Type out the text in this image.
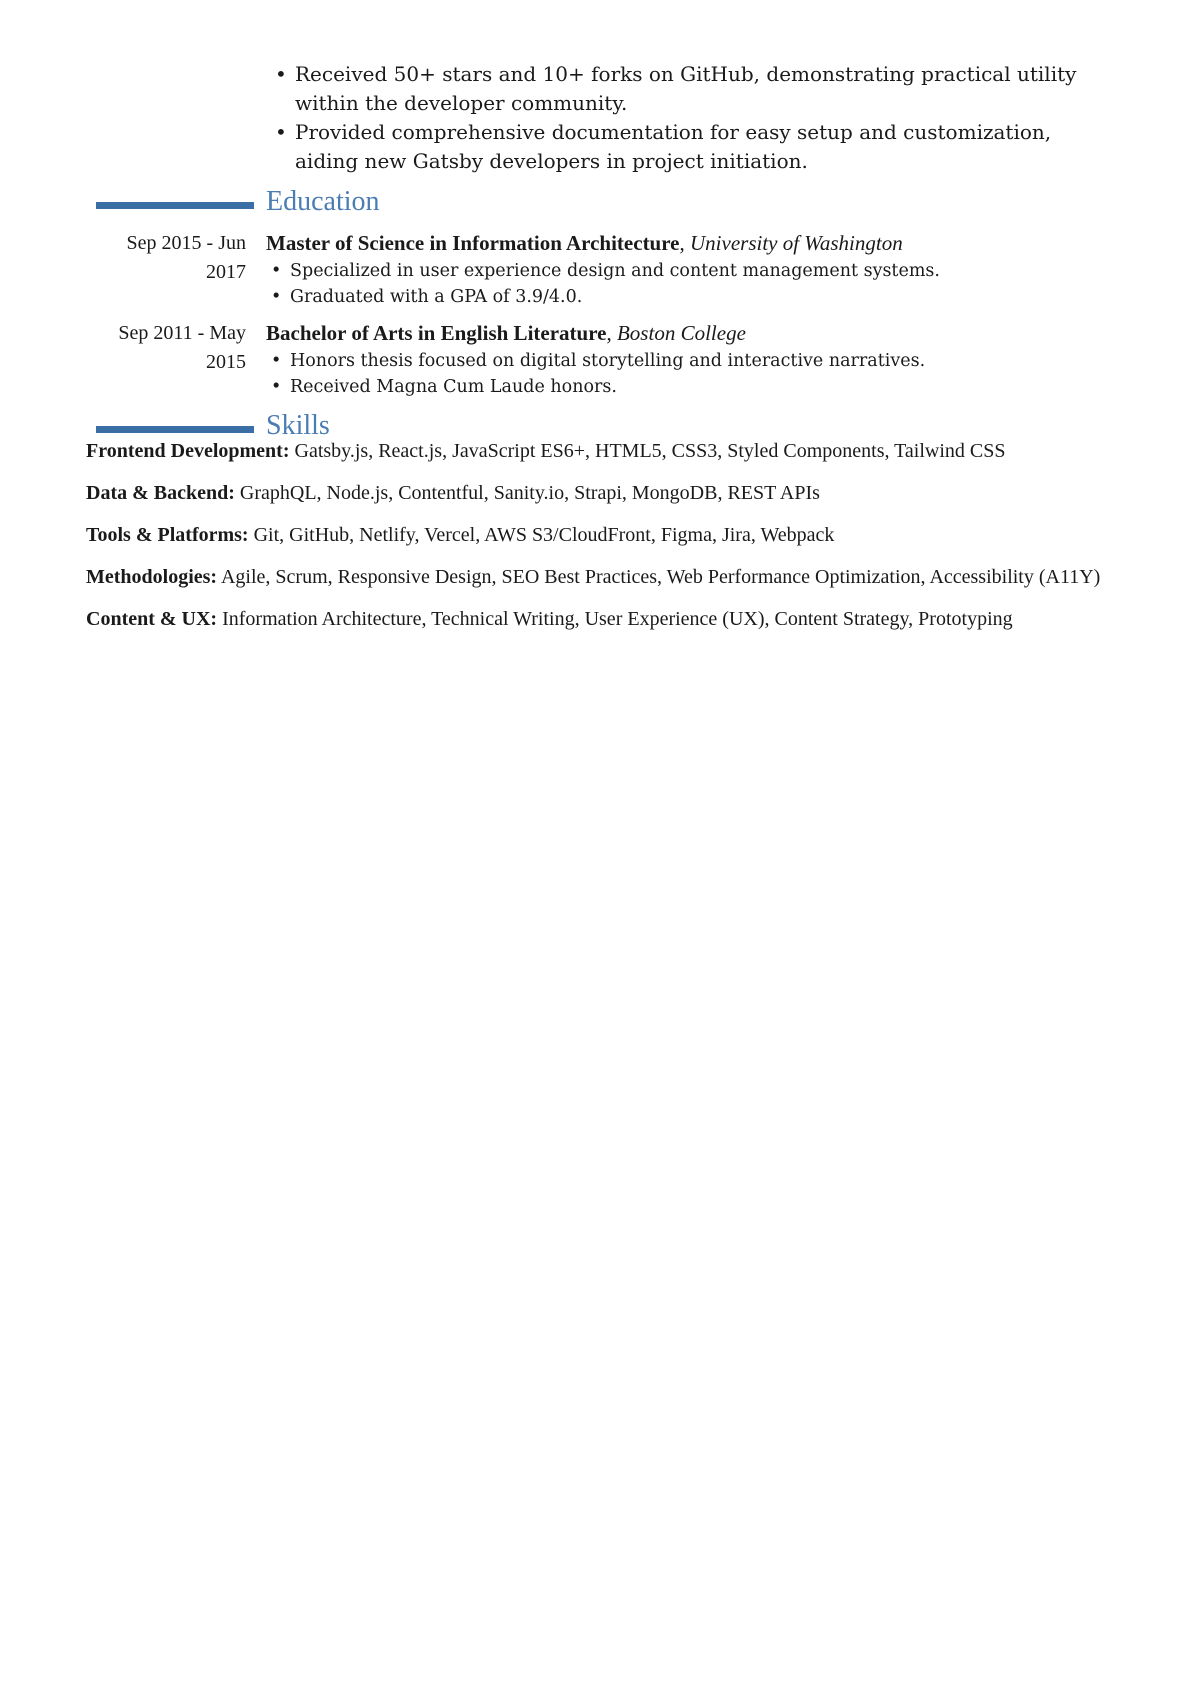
• Received 50+ stars and 10+ forks on GitHub, demonstrating practical utility within the developer community.
• Provided comprehensive documentation for easy setup and customization, aiding new Gatsby developers in project initiation.
Education
Sep 2015 - Jun 2017
Master of Science in Information Architecture, University of Washington
• Specialized in user experience design and content management systems.
• Graduated with a GPA of 3.9/4.0.
Sep 2011 - May 2015
Bachelor of Arts in English Literature, Boston College
• Honors thesis focused on digital storytelling and interactive narratives.
• Received Magna Cum Laude honors.
Skills
Frontend Development: Gatsby.js, React.js, JavaScript ES6+, HTML5, CSS3, Styled Components, Tailwind CSS
Data & Backend: GraphQL, Node.js, Contentful, Sanity.io, Strapi, MongoDB, REST APIs
Tools & Platforms: Git, GitHub, Netlify, Vercel, AWS S3/CloudFront, Figma, Jira, Webpack
Methodologies: Agile, Scrum, Responsive Design, SEO Best Practices, Web Performance Optimization, Accessibility (A11Y)
Content & UX: Information Architecture, Technical Writing, User Experience (UX), Content Strategy, Prototyping
